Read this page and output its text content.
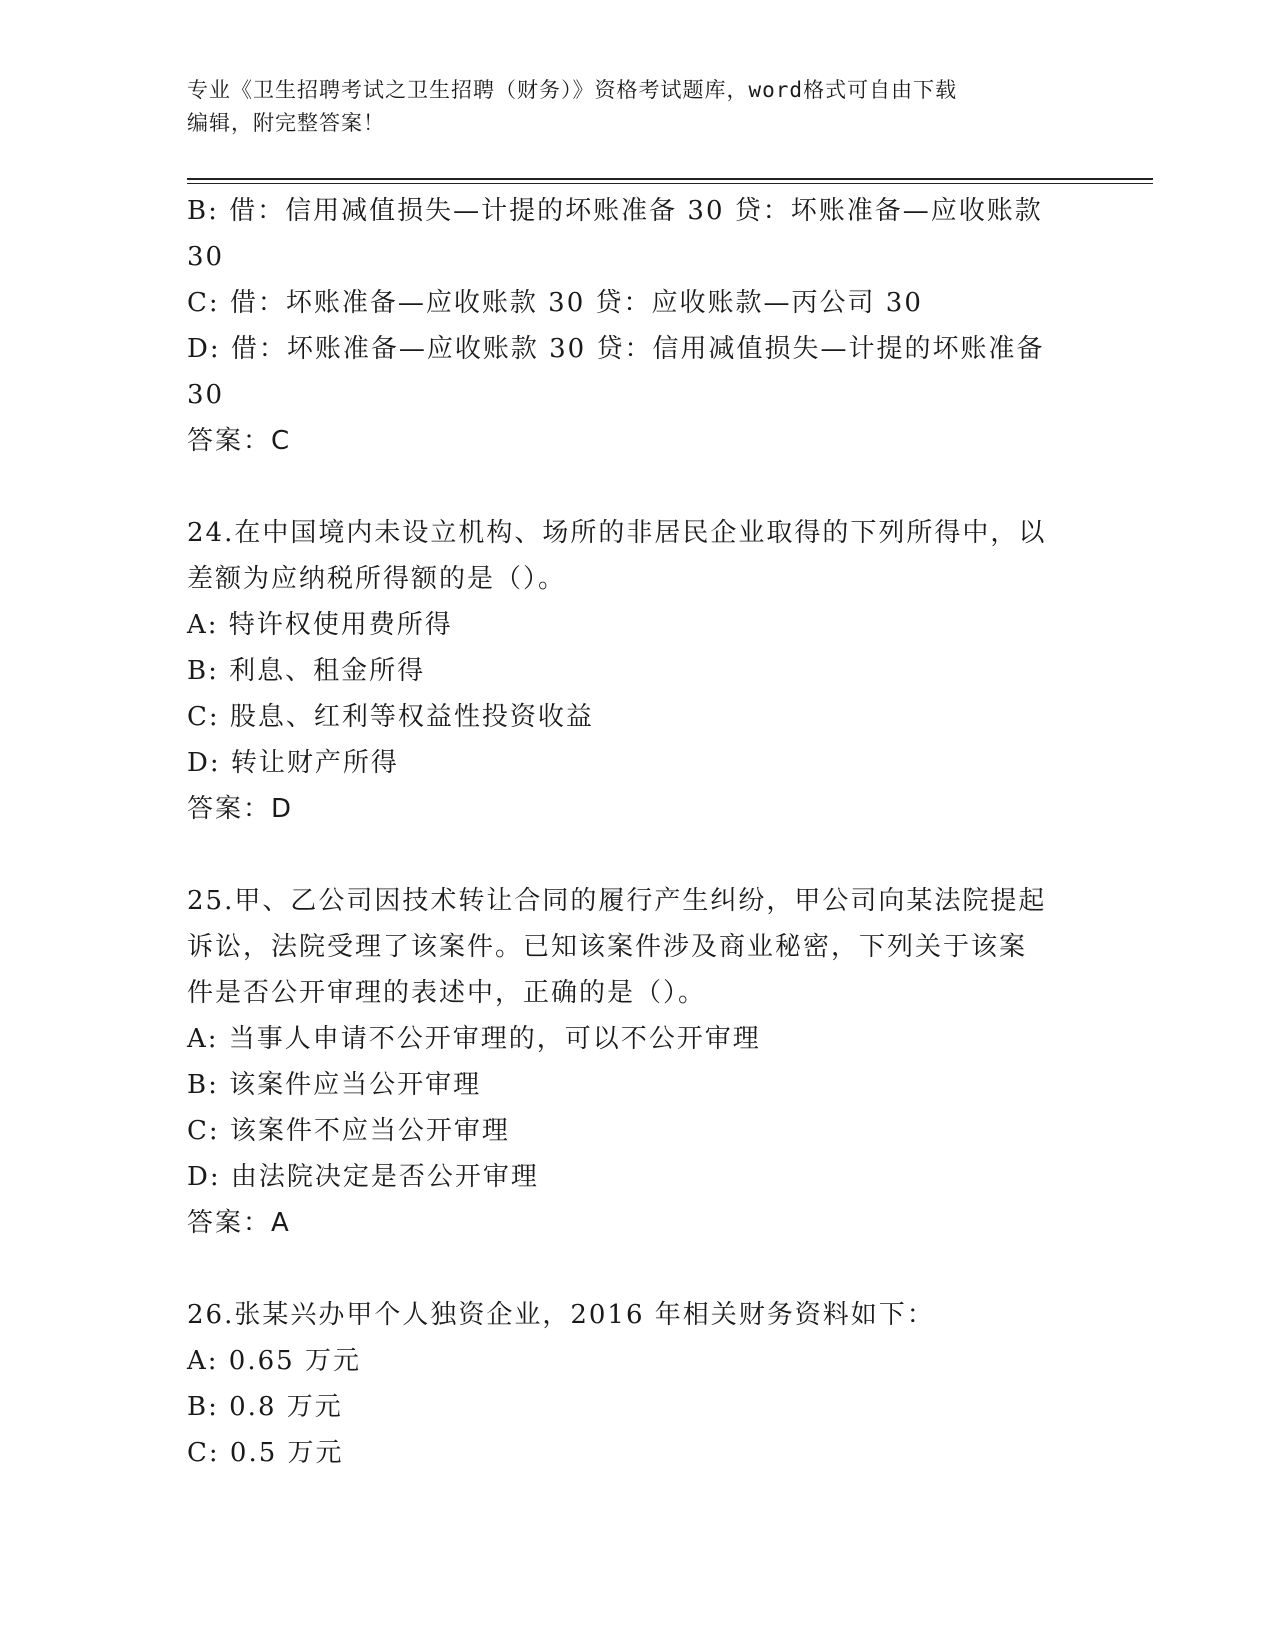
专业《卫生招聘考试之卫生招聘（财务）》资格考试题库，word格式可自由下载
编辑，附完整答案！
B: 借：信用减值损失—计提的坏账准备 30 贷：坏账准备—应收账款
30
C: 借：坏账准备—应收账款 30 贷：应收账款—丙公司 30
D: 借：坏账准备—应收账款 30 贷：信用减值损失—计提的坏账准备
30
答案：C
24.在中国境内未设立机构、场所的非居民企业取得的下列所得中，以
差额为应纳税所得额的是（）。
A: 特许权使用费所得
B: 利息、租金所得
C: 股息、红利等权益性投资收益
D: 转让财产所得
答案：D
25.甲、乙公司因技术转让合同的履行产生纠纷，甲公司向某法院提起
诉讼，法院受理了该案件。已知该案件涉及商业秘密，下列关于该案
件是否公开审理的表述中，正确的是（）。
A: 当事人申请不公开审理的，可以不公开审理
B: 该案件应当公开审理
C: 该案件不应当公开审理
D: 由法院决定是否公开审理
答案：A
26.张某兴办甲个人独资企业，2016 年相关财务资料如下：
A: 0.65 万元
B: 0.8 万元
C: 0.5 万元
